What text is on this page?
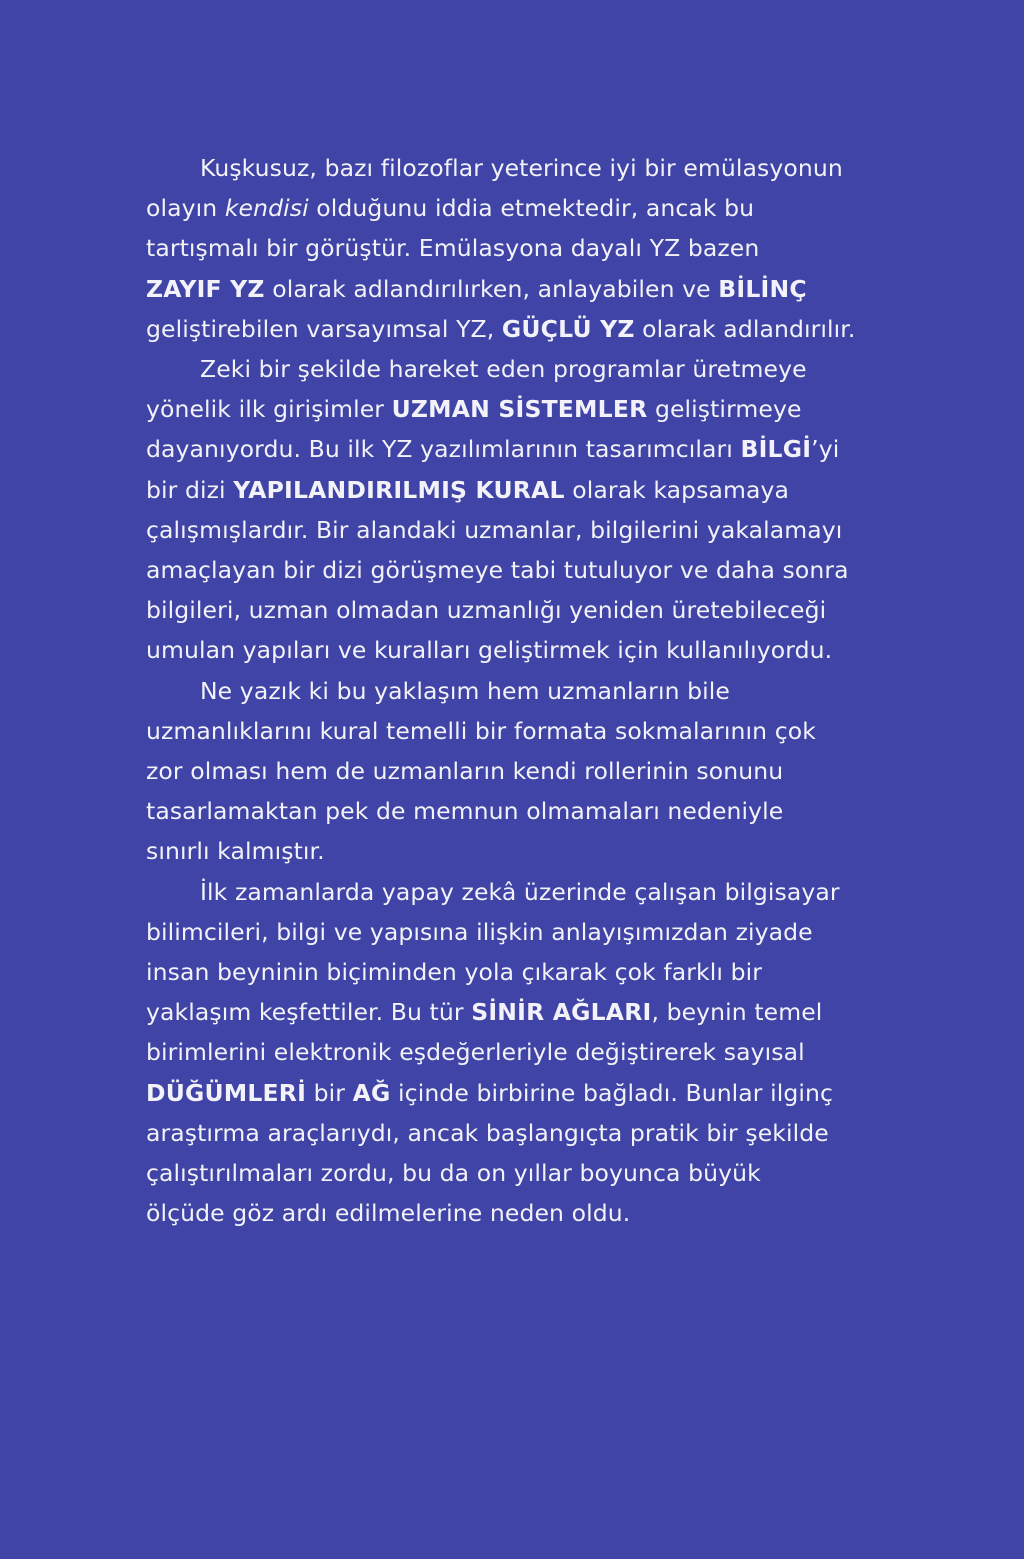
Kuşkusuz, bazı filozoflar yeterince iyi bir emülasyonun
olayın kendisi olduğunu iddia etmektedir, ancak bu
tartışmalı bir görüştür. Emülasyona dayalı YZ bazen
ZAYIF YZ olarak adlandırılırken, anlayabilen ve BİLİNÇ
geliştirebilen varsayımsal YZ, GÜÇLÜ YZ olarak adlandırılır.
Zeki bir şekilde hareket eden programlar üretmeye
yönelik ilk girişimler UZMAN SİSTEMLER geliştirmeye
dayanıyordu. Bu ilk YZ yazılımlarının tasarımcıları BİLGİ’yi
bir dizi YAPILANDIRILMIŞ KURAL olarak kapsamaya
çalışmışlardır. Bir alandaki uzmanlar, bilgilerini yakalamayı
amaçlayan bir dizi görüşmeye tabi tutuluyor ve daha sonra
bilgileri, uzman olmadan uzmanlığı yeniden üretebileceği
umulan yapıları ve kuralları geliştirmek için kullanılıyordu.
Ne yazık ki bu yaklaşım hem uzmanların bile
uzmanlıklarını kural temelli bir formata sokmalarının çok
zor olması hem de uzmanların kendi rollerinin sonunu
tasarlamaktan pek de memnun olmamaları nedeniyle
sınırlı kalmıştır.
İlk zamanlarda yapay zekâ üzerinde çalışan bilgisayar
bilimcileri, bilgi ve yapısına ilişkin anlayışımızdan ziyade
insan beyninin biçiminden yola çıkarak çok farklı bir
yaklaşım keşfettiler. Bu tür SİNİR AĞLARI, beynin temel
birimlerini elektronik eşdeğerleriyle değiştirerek sayısal
DÜĞÜMLERİ bir AĞ içinde birbirine bağladı. Bunlar ilginç
araştırma araçlarıydı, ancak başlangıçta pratik bir şekilde
çalıştırılmaları zordu, bu da on yıllar boyunca büyük
ölçüde göz ardı edilmelerine neden oldu.
